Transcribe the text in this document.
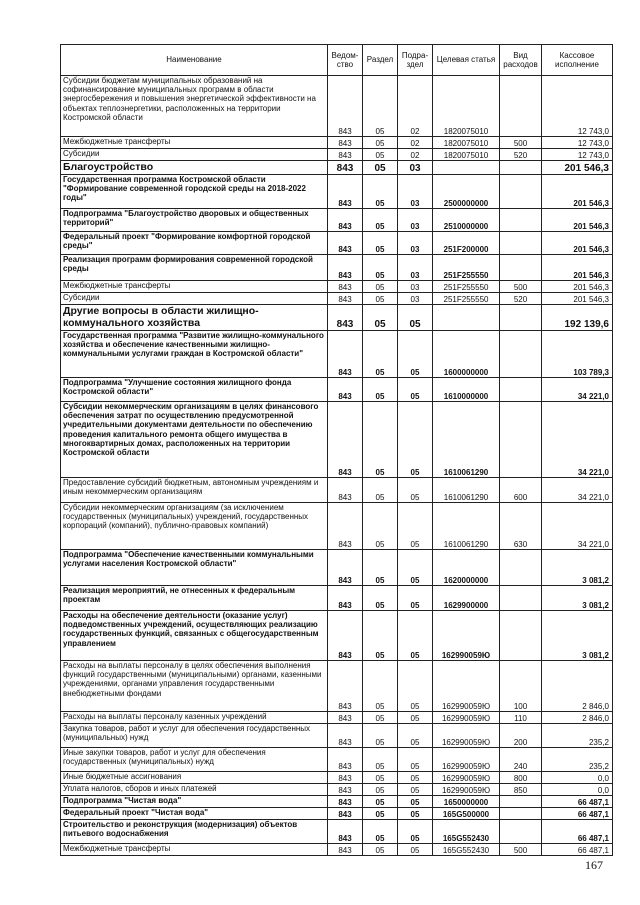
Наименование	Ведом-ство	Раздел	Подра-здел	Целевая статья	Вид расходов	Кассовое исполнение
Субсидии бюджетам муниципальных образований на софинансирование муниципальных программ в области энергосбережения и повышения энергетической эффективности на объектах теплоэнергетики, расположенных на территории Костромской области	843	05	02	1820075010		12 743,0
Межбюджетные трансферты	843	05	02	1820075010	500	12 743,0
Субсидии	843	05	02	1820075010	520	12 743,0
Благоустройство	843	05	03			201 546,3
Государственная программа Костромской области "Формирование современной городской среды на 2018-2022 годы"	843	05	03	2500000000		201 546,3
Подпрограмма "Благоустройство дворовых и общественных территорий"	843	05	03	2510000000		201 546,3
Федеральный проект "Формирование комфортной городской среды"	843	05	03	251F200000		201 546,3
Реализация программ формирования современной городской среды	843	05	03	251F255550		201 546,3
Межбюджетные трансферты	843	05	03	251F255550	500	201 546,3
Субсидии	843	05	03	251F255550	520	201 546,3
Другие вопросы в области жилищно-коммунального хозяйства	843	05	05			192 139,6
Государственная программа "Развитие жилищно-коммунального хозяйства и обеспечение качественными жилищно-коммунальными услугами граждан в Костромской области"	843	05	05	1600000000		103 789,3
Подпрограмма "Улучшение состояния жилищного фонда Костромской области"	843	05	05	1610000000		34 221,0
Субсидии некоммерческим организациям в целях финансового обеспечения затрат по осуществлению предусмотренной учредительными документами деятельности по обеспечению проведения капитального ремонта общего имущества в многоквартирных домах, расположенных на территории Костромской области	843	05	05	1610061290		34 221,0
Предоставление субсидий бюджетным, автономным учреждениям и иным некоммерческим организациям	843	05	05	1610061290	600	34 221,0
Субсидии некоммерческим организациям (за исключением государственных (муниципальных) учреждений, государственных корпораций (компаний), публично-правовых компаний)	843	05	05	1610061290	630	34 221,0
Подпрограмма "Обеспечение качественными коммунальными услугами населения Костромской области"	843	05	05	1620000000		3 081,2
Реализация мероприятий, не отнесенных к федеральным проектам	843	05	05	1629900000		3 081,2
Расходы на обеспечение деятельности (оказание услуг) подведомственных учреждений, осуществляющих реализацию государственных функций, связанных с общегосударственным управлением	843	05	05	162990059Ю		3 081,2
Расходы на выплаты персоналу в целях обеспечения выполнения функций государственными (муниципальными) органами, казенными учреждениями, органами управления государственными внебюджетными фондами	843	05	05	162990059Ю	100	2 846,0
Расходы на выплаты персоналу казенных учреждений	843	05	05	162990059Ю	110	2 846,0
Закупка товаров, работ и услуг для обеспечения государственных (муниципальных) нужд	843	05	05	162990059Ю	200	235,2
Иные закупки товаров, работ и услуг для обеспечения государственных (муниципальных) нужд	843	05	05	162990059Ю	240	235,2
Иные бюджетные ассигнования	843	05	05	162990059Ю	800	0,0
Уплата налогов, сборов и иных платежей	843	05	05	162990059Ю	850	0,0
Подпрограмма "Чистая вода"	843	05	05	1650000000		66 487,1
Федеральный проект "Чистая вода"	843	05	05	165G500000		66 487,1
Строительство и реконструкция (модернизация) объектов питьевого водоснабжения	843	05	05	165G552430		66 487,1
Межбюджетные трансферты	843	05	05	165G552430	500	66 487,1
167
